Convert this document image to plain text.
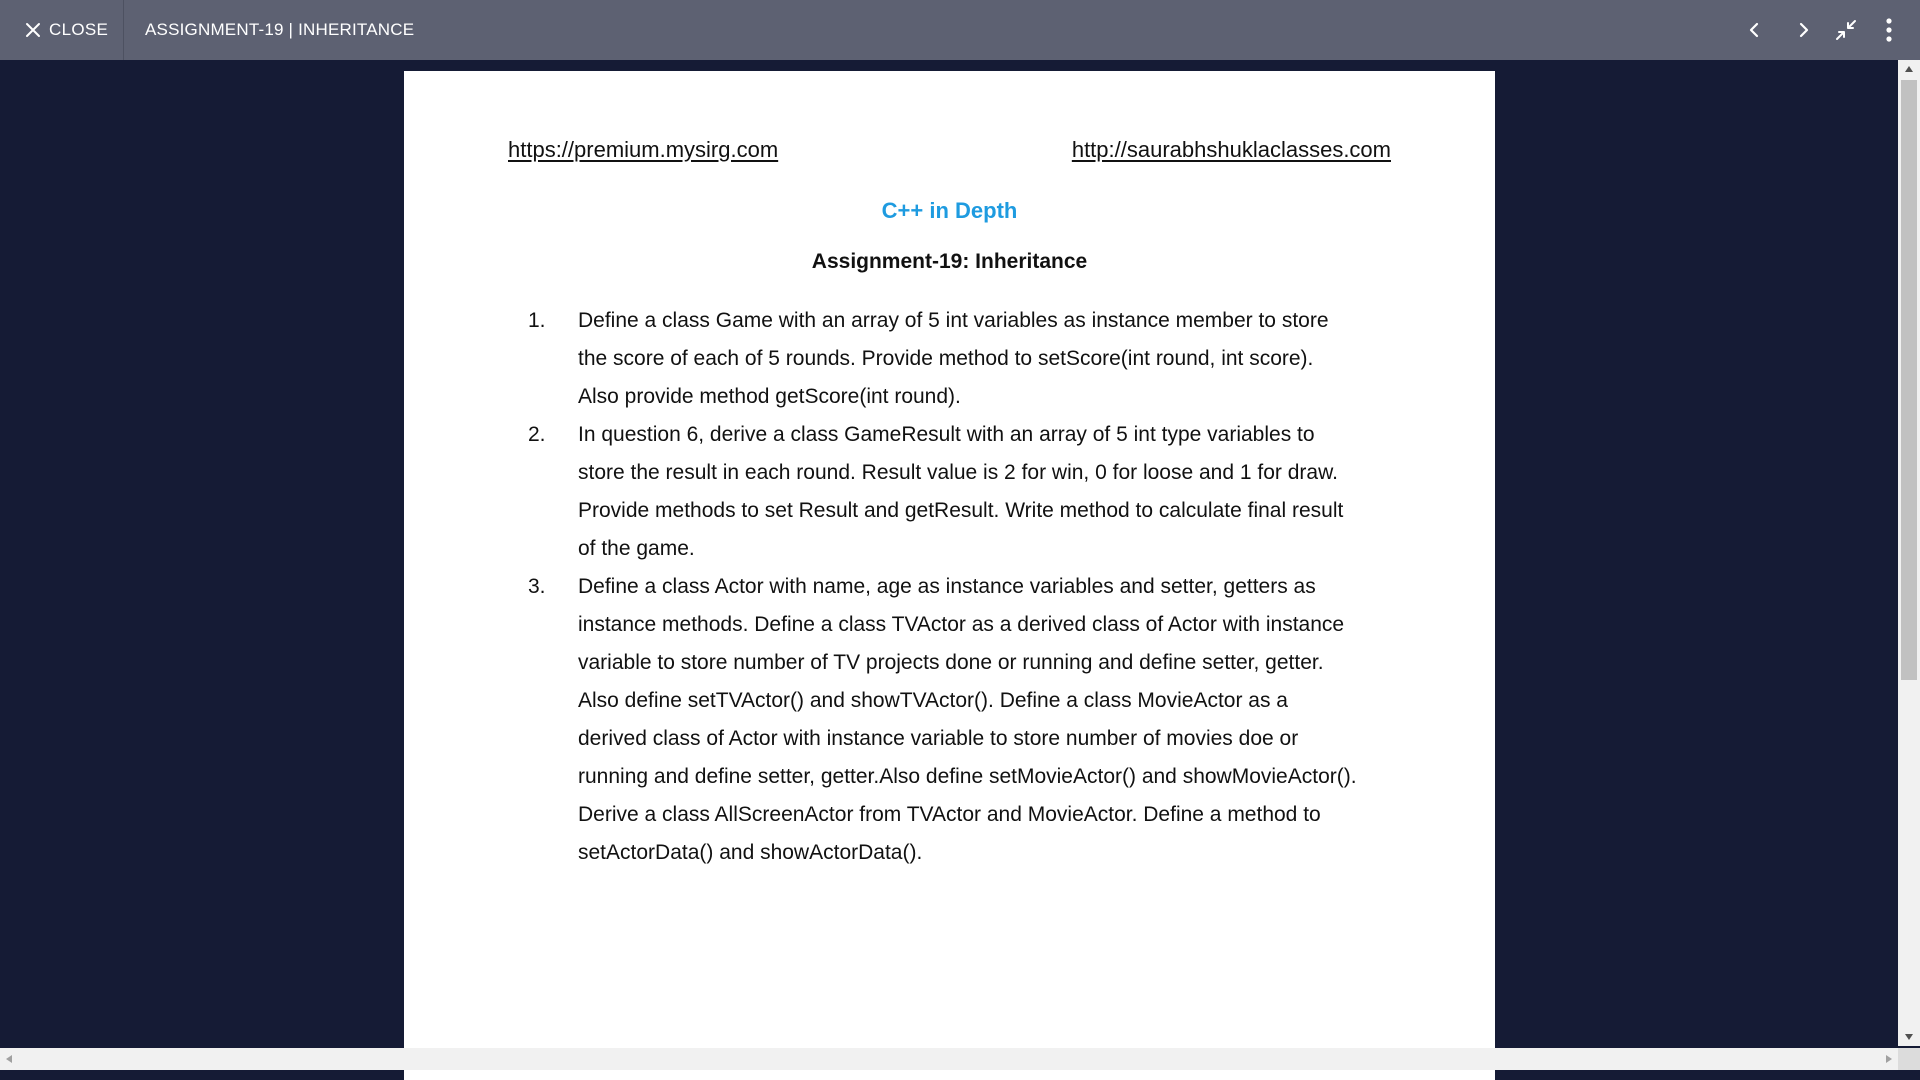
CLOSE ASSIGNMENT-19 | INHERITANCE
https://premium.mysirg.com	http://saurabhshuklaclasses.com
C++ in Depth
Assignment-19: Inheritance
1.	Define a class Game with an array of 5 int variables as instance member to store
the score of each of 5 rounds. Provide method to setScore(int round, int score).
Also provide method getScore(int round).
2.	In question 6, derive a class GameResult with an array of 5 int type variables to
store the result in each round. Result value is 2 for win, 0 for loose and 1 for draw.
Provide methods to set Result and getResult. Write method to calculate final result
of the game.
3.	Define a class Actor with name, age as instance variables and setter, getters as
instance methods. Define a class TVActor as a derived class of Actor with instance
variable to store number of TV projects done or running and define setter, getter.
Also define setTVActor() and showTVActor(). Define a class MovieActor as a
derived class of Actor with instance variable to store number of movies doe or
running and define setter, getter.Also define setMovieActor() and showMovieActor().
Derive a class AllScreenActor from TVActor and MovieActor. Define a method to
setActorData() and showActorData().
